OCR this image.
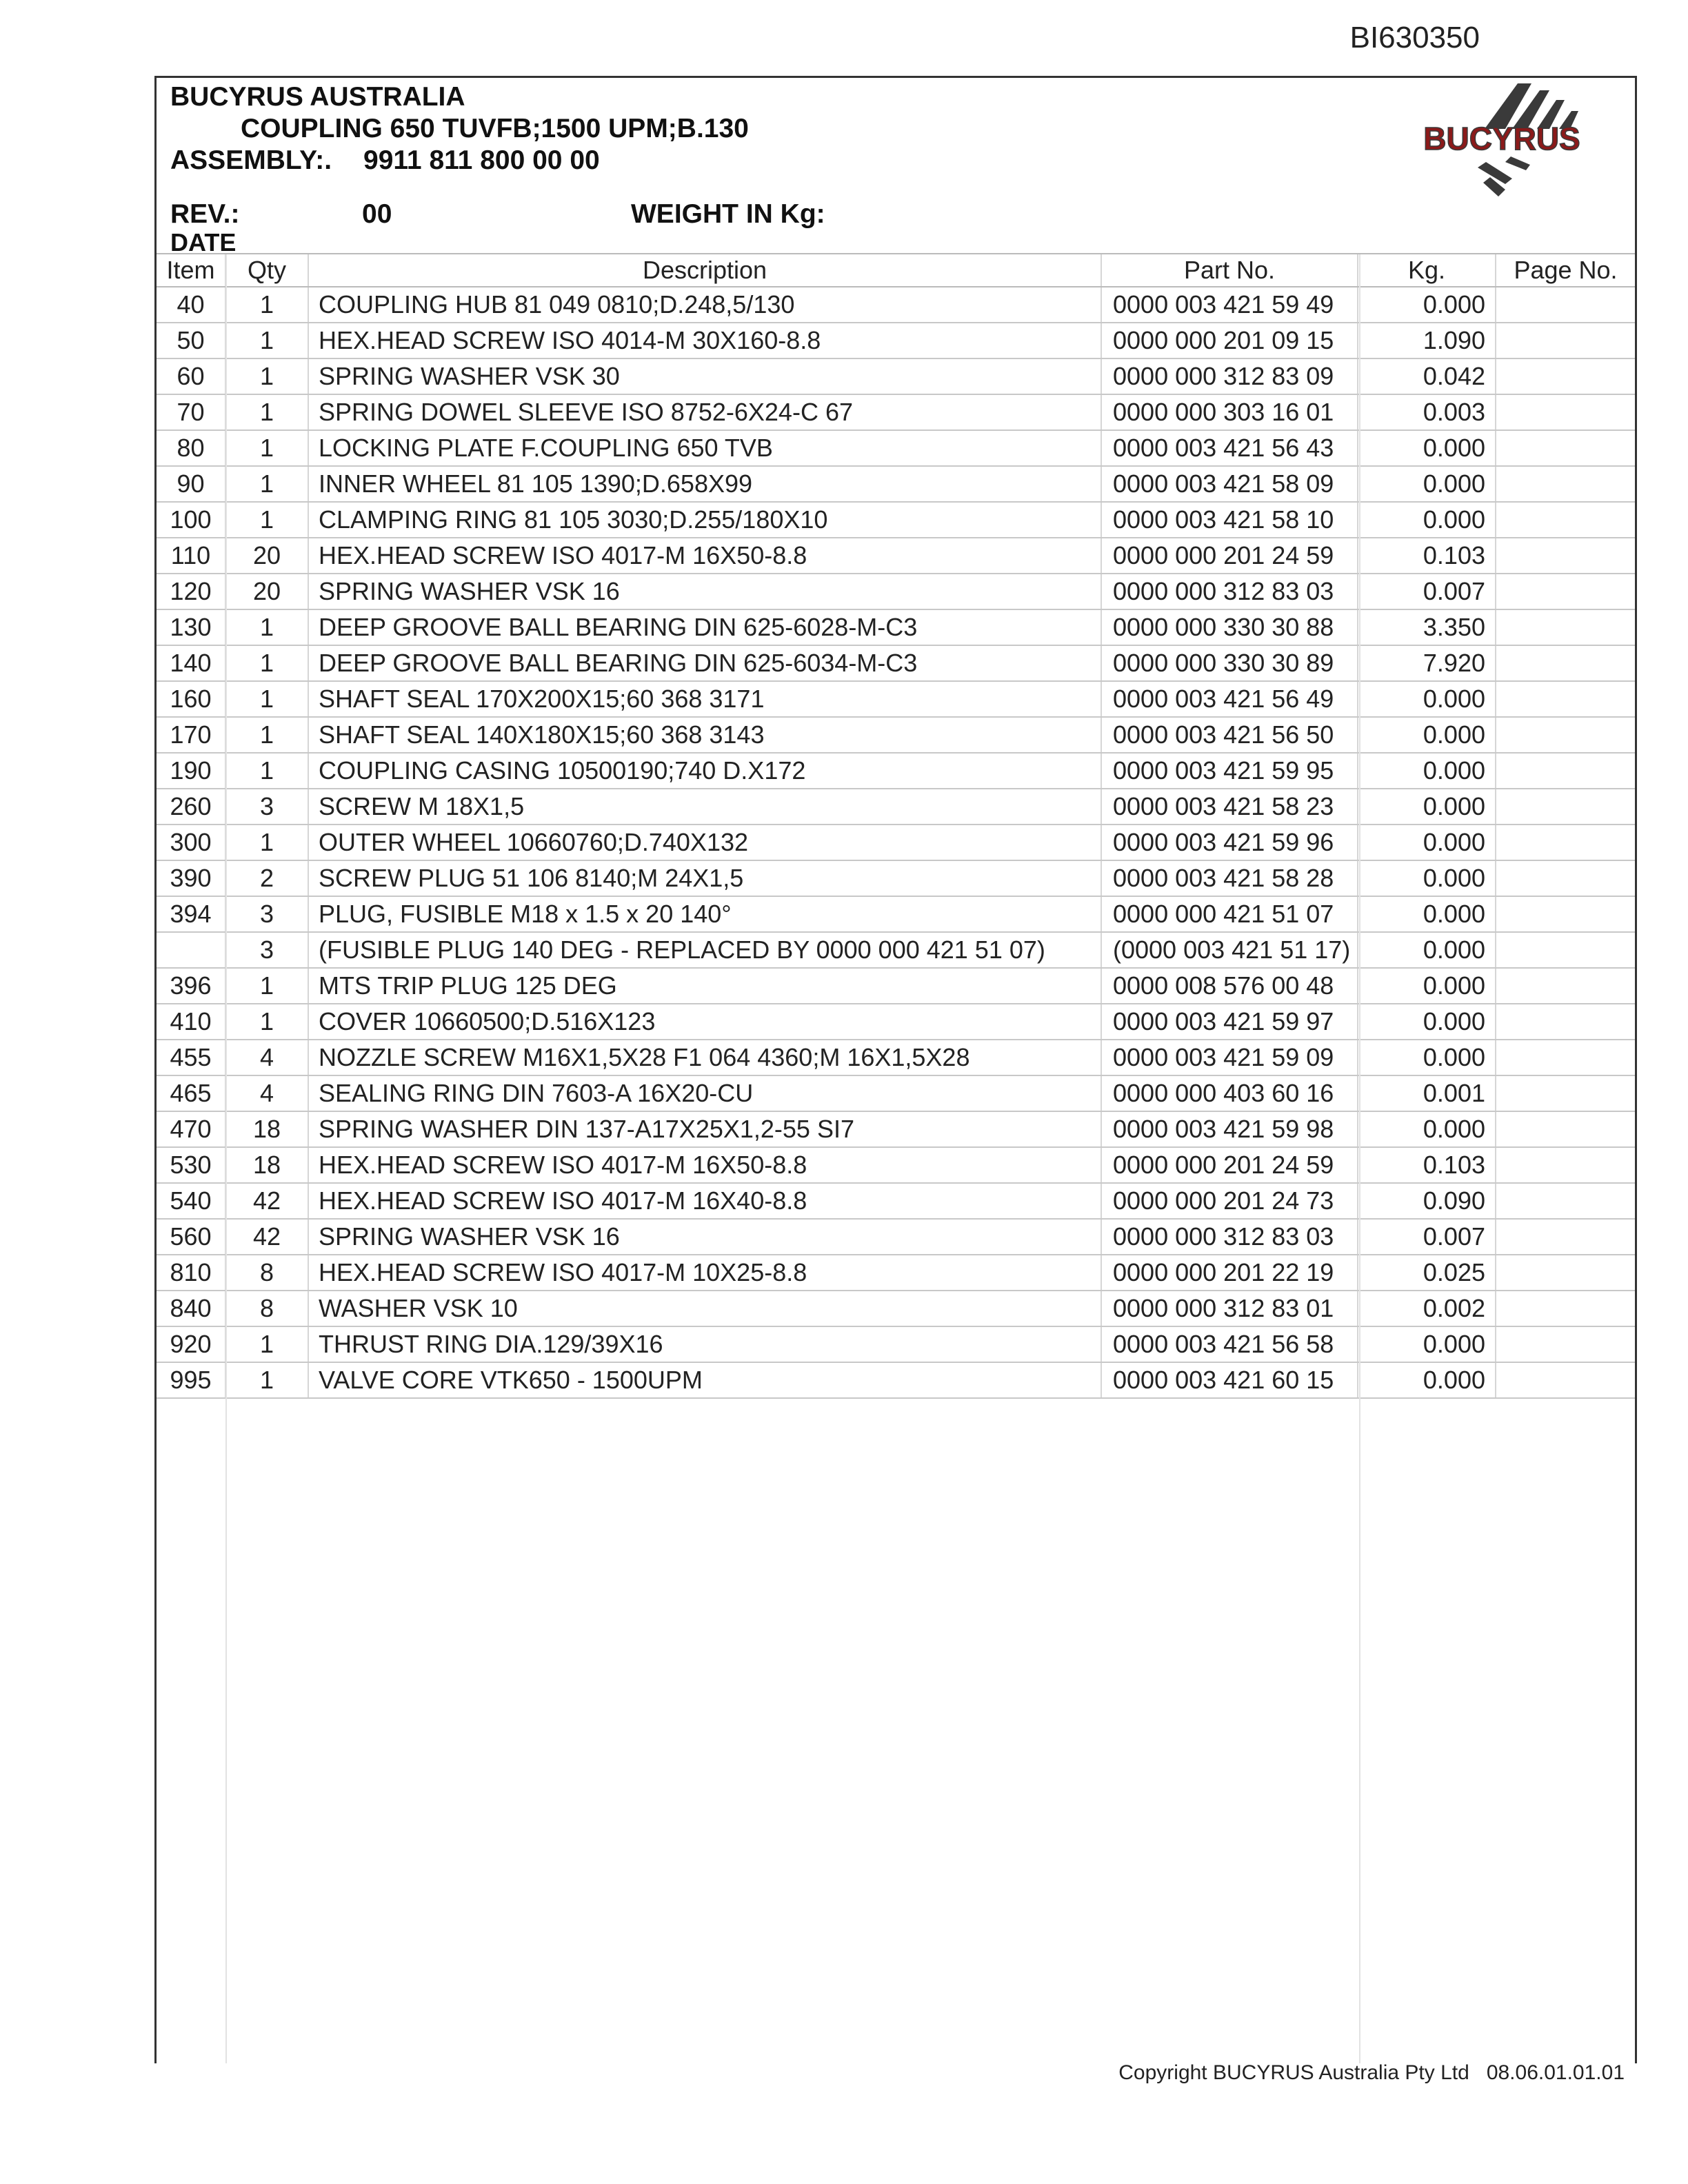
BI630350
BUCYRUS AUSTRALIA
COUPLING 650 TUVFB;1500 UPM;B.130
ASSEMBLY:. 9911 811 800 00 00
REV.:	00	WEIGHT IN Kg:
DATE
BUCYRUS
Item	Qty	Description	Part No.	Kg.	Page No.
40	1	COUPLING HUB 81 049 0810;D.248,5/130	0000 003 421 59 49	0.000	
50	1	HEX.HEAD SCREW ISO 4014-M 30X160-8.8	0000 000 201 09 15	1.090	
60	1	SPRING WASHER VSK 30	0000 000 312 83 09	0.042	
70	1	SPRING DOWEL SLEEVE ISO 8752-6X24-C 67	0000 000 303 16 01	0.003	
80	1	LOCKING PLATE F.COUPLING 650 TVB	0000 003 421 56 43	0.000	
90	1	INNER WHEEL 81 105 1390;D.658X99	0000 003 421 58 09	0.000	
100	1	CLAMPING RING 81 105 3030;D.255/180X10	0000 003 421 58 10	0.000	
110	20	HEX.HEAD SCREW ISO 4017-M 16X50-8.8	0000 000 201 24 59	0.103	
120	20	SPRING WASHER VSK 16	0000 000 312 83 03	0.007	
130	1	DEEP GROOVE BALL BEARING DIN 625-6028-M-C3	0000 000 330 30 88	3.350	
140	1	DEEP GROOVE BALL BEARING DIN 625-6034-M-C3	0000 000 330 30 89	7.920	
160	1	SHAFT SEAL 170X200X15;60 368 3171	0000 003 421 56 49	0.000	
170	1	SHAFT SEAL 140X180X15;60 368 3143	0000 003 421 56 50	0.000	
190	1	COUPLING CASING 10500190;740 D.X172	0000 003 421 59 95	0.000	
260	3	SCREW M 18X1,5	0000 003 421 58 23	0.000	
300	1	OUTER WHEEL 10660760;D.740X132	0000 003 421 59 96	0.000	
390	2	SCREW PLUG 51 106 8140;M 24X1,5	0000 003 421 58 28	0.000	
394	3	PLUG, FUSIBLE M18 x 1.5 x 20 140°	0000 000 421 51 07	0.000	
	3	(FUSIBLE PLUG 140 DEG - REPLACED BY 0000 000 421 51 07)	(0000 003 421 51 17)	0.000	
396	1	MTS TRIP PLUG 125 DEG	0000 008 576 00 48	0.000	
410	1	COVER 10660500;D.516X123	0000 003 421 59 97	0.000	
455	4	NOZZLE SCREW M16X1,5X28 F1 064 4360;M 16X1,5X28	0000 003 421 59 09	0.000	
465	4	SEALING RING DIN 7603-A 16X20-CU	0000 000 403 60 16	0.001	
470	18	SPRING WASHER DIN 137-A17X25X1,2-55 SI7	0000 003 421 59 98	0.000	
530	18	HEX.HEAD SCREW ISO 4017-M 16X50-8.8	0000 000 201 24 59	0.103	
540	42	HEX.HEAD SCREW ISO 4017-M 16X40-8.8	0000 000 201 24 73	0.090	
560	42	SPRING WASHER VSK 16	0000 000 312 83 03	0.007	
810	8	HEX.HEAD SCREW ISO 4017-M 10X25-8.8	0000 000 201 22 19	0.025	
840	8	WASHER VSK 10	0000 000 312 83 01	0.002	
920	1	THRUST RING DIA.129/39X16	0000 003 421 56 58	0.000	
995	1	VALVE CORE VTK650 - 1500UPM	0000 003 421 60 15	0.000	
Copyright BUCYRUS Australia Pty Ltd 08.06.01.01.01
